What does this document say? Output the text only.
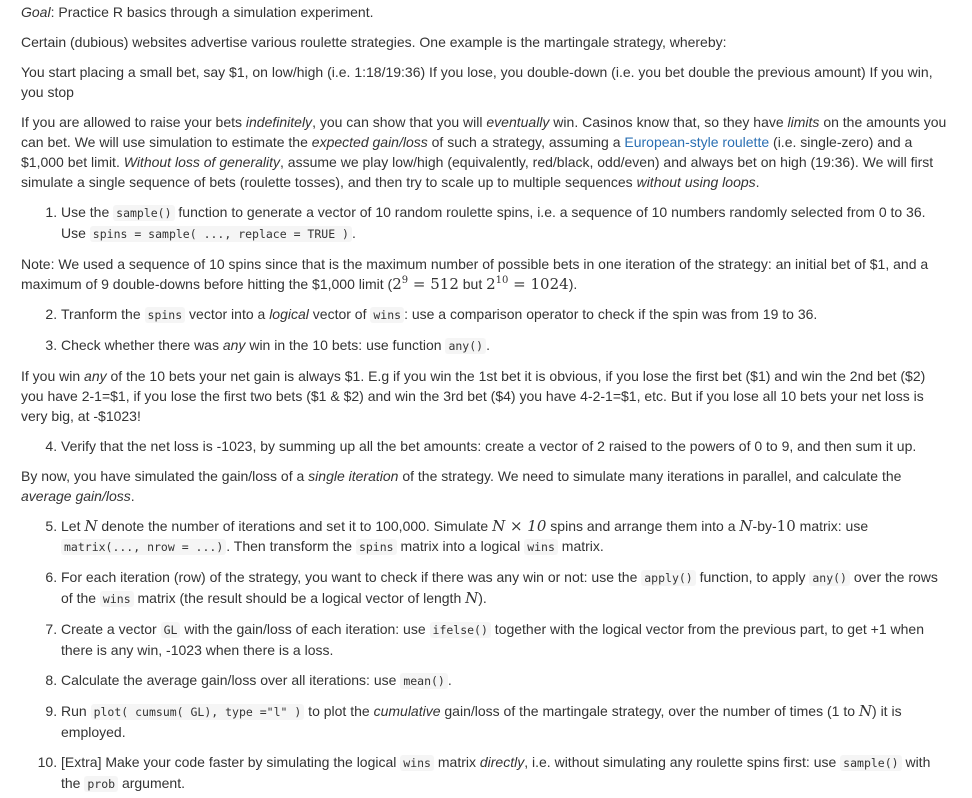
Goal: Practice R basics through a simulation experiment.

Certain (dubious) websites advertise various roulette strategies. One example is the martingale strategy, whereby:

You start placing a small bet, say $1, on low/high (i.e. 1:18/19:36) If you lose, you double-down (i.e. you bet double the previous amount) If you win, you stop

If you are allowed to raise your bets indefinitely, you can show that you will eventually win. Casinos know that, so they have limits on the amounts you can bet. We will use simulation to estimate the expected gain/loss of such a strategy, assuming a European-style roulette (i.e. single-zero) and a $1,000 bet limit. Without loss of generality, assume we play low/high (equivalently, red/black, odd/even) and always bet on high (19:36). We will first simulate a single sequence of bets (roulette tosses), and then try to scale up to multiple sequences without using loops.

1. Use the sample() function to generate a vector of 10 random roulette spins, i.e. a sequence of 10 numbers randomly selected from 0 to 36. Use spins = sample( ..., replace = TRUE ) .

Note: We used a sequence of 10 spins since that is the maximum number of possible bets in one iteration of the strategy: an initial bet of $1, and a maximum of 9 double-downs before hitting the $1,000 limit ($2^9 = 512$ but $2^{10} = 1024$).

2. Tranform the spins vector into a logical vector of wins : use a comparison operator to check if the spin was from 19 to 36.
3. Check whether there was any win in the 10 bets: use function any() .

If you win any of the 10 bets your net gain is always $1. E.g if you win the 1st bet it is obvious, if you lose the first bet ($1) and win the 2nd bet ($2) you have 2-1=$1, if you lose the first two bets ($1 & $2) and win the 3rd bet ($4) you have 4-2-1=$1, etc. But if you lose all 10 bets your net loss is very big, at -$1023!

4. Verify that the net loss is -1023, by summing up all the bet amounts: create a vector of 2 raised to the powers of 0 to 9, and then sum it up.

By now, you have simulated the gain/loss of a single iteration of the strategy. We need to simulate many iterations in parallel, and calculate the average gain/loss.

5. Let N denote the number of iterations and set it to 100,000. Simulate N × 10 spins and arrange them into a N-by-10 matrix: use matrix(..., nrow = ...) . Then transform the spins matrix into a logical wins matrix.
6. For each iteration (row) of the strategy, you want to check if there was any win or not: use the apply() function, to apply any() over the rows of the wins matrix (the result should be a logical vector of length N).
7. Create a vector GL with the gain/loss of each iteration: use ifelse() together with the logical vector from the previous part, to get +1 when there is any win, -1023 when there is a loss.
8. Calculate the average gain/loss over all iterations: use mean() .
9. Run plot( cumsum( GL), type ="l" ) to plot the cumulative gain/loss of the martingale strategy, over the number of times (1 to N) it is employed.
10. [Extra] Make your code faster by simulating the logical wins matrix directly, i.e. without simulating any roulette spins first: use sample() with the prob argument.
